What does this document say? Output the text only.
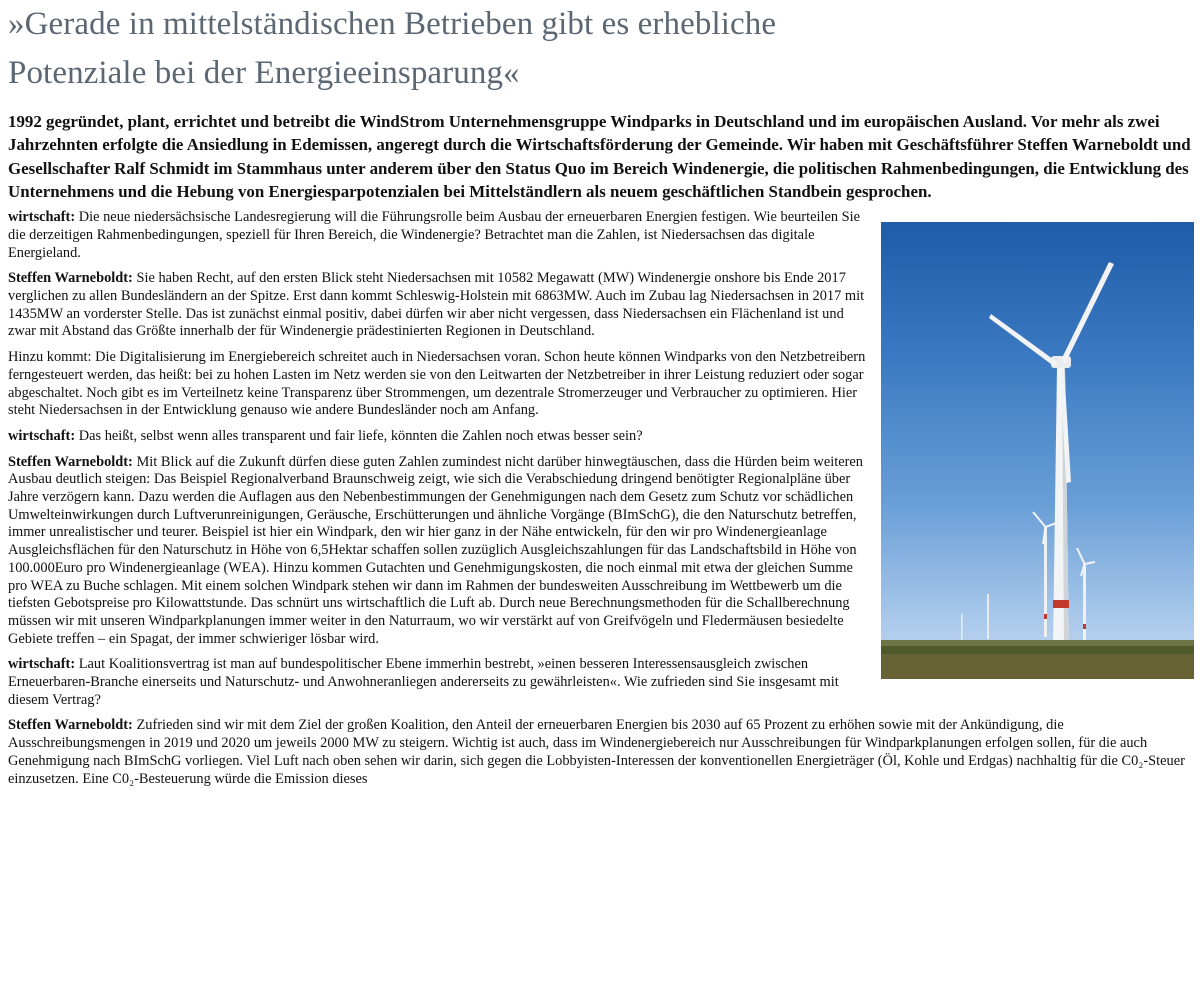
»Gerade in mittelständischen Betrieben gibt es erhebliche
Potenziale bei der Energieeinsparung«
1992 gegründet, plant, errichtet und betreibt die WindStrom Unternehmensgruppe Windparks in Deutschland und im europäischen Ausland. Vor mehr als zwei Jahrzehnten erfolgte die Ansiedlung in Edemissen, angeregt durch die Wirtschaftsförderung der Gemeinde. Wir haben mit Geschäftsführer Steffen Warneboldt und Gesellschafter Ralf Schmidt im Stammhaus unter anderem über den Status Quo im Bereich Windenergie, die politischen Rahmenbedingungen, die Entwicklung des Unternehmens und die Hebung von Energiesparpotenzialen bei Mittelständlern als neuem geschäftlichen Standbein gesprochen.

wirtschaft: Die neue niedersächsische Landesregierung will die Führungsrolle beim Ausbau der erneuerbaren Energien festigen. Wie beurteilen Sie die derzeitigen Rahmenbedingungen, speziell für Ihren Bereich, die Windenergie? Betrachtet man die Zahlen, ist Niedersachsen das digitale Energieland.

Steffen Warneboldt: Sie haben Recht, auf den ersten Blick steht Niedersachsen mit 10582 Megawatt (MW) Windenergie onshore bis Ende 2017 verglichen zu allen Bundesländern an der Spitze. Erst dann kommt Schleswig-Holstein mit 6863MW. Auch im Zubau lag Niedersachsen in 2017 mit 1435MW an vorderster Stelle. Das ist zunächst einmal positiv, dabei dürfen wir aber nicht vergessen, dass Niedersachsen ein Flächenland ist und zwar mit Abstand das Größte innerhalb der für Windenergie prädestinierten Regionen in Deutschland.

Hinzu kommt: Die Digitalisierung im Energiebereich schreitet auch in Niedersachsen voran. Schon heute können Windparks von den Netzbetreibern ferngesteuert werden, das heißt: bei zu hohen Lasten im Netz werden sie von den Leitwarten der Netzbetreiber in ihrer Leistung reduziert oder sogar abgeschaltet. Noch gibt es im Verteilnetz keine Transparenz über Strommengen, um dezentrale Stromerzeuger und Verbraucher zu optimieren. Hier steht Niedersachsen in der Entwicklung genauso wie andere Bundesländer noch am Anfang.

wirtschaft: Das heißt, selbst wenn alles transparent und fair liefe, könnten die Zahlen noch etwas besser sein?

Steffen Warneboldt: Mit Blick auf die Zukunft dürfen diese guten Zahlen zumindest nicht darüber hinwegtäuschen, dass die Hürden beim weiteren Ausbau deutlich steigen: Das Beispiel Regionalverband Braunschweig zeigt, wie sich die Verabschiedung dringend benötigter Regionalpläne über Jahre verzögern kann. Dazu werden die Auflagen aus den Nebenbestimmungen der Genehmigungen nach dem Gesetz zum Schutz vor schädlichen Umwelteinwirkungen durch Luftverunreinigungen, Geräusche, Erschütterungen und ähnliche Vorgänge (BImSchG), die den Naturschutz betreffen, immer unrealistischer und teurer. Beispiel ist hier ein Windpark, den wir hier ganz in der Nähe entwickeln, für den wir pro Windenergieanlage Ausgleichsflächen für den Naturschutz in Höhe von 6,5Hektar schaffen sollen zuzüglich Ausgleichszahlungen für das Landschaftsbild in Höhe von 100.000Euro pro Windenergieanlage (WEA). Hinzu kommen Gutachten und Genehmigungskosten, die noch einmal mit etwa der gleichen Summe pro WEA zu Buche schlagen. Mit einem solchen Windpark stehen wir dann im Rahmen der bundesweiten Ausschreibung im Wettbewerb um die tiefsten Gebotspreise pro Kilowattstunde. Das schnürt uns wirtschaftlich die Luft ab. Durch neue Berechnungsmethoden für die Schallberechnung müssen wir mit unseren Windparkplanungen immer weiter in den Naturraum, wo wir verstärkt auf von Greifvögeln und Fledermäusen besiedelte Gebiete treffen – ein Spagat, der immer schwieriger lösbar wird.

wirtschaft: Laut Koalitionsvertrag ist man auf bundespolitischer Ebene immerhin bestrebt, »einen besseren Interessensausgleich zwischen Erneuerbaren-Branche einerseits und Naturschutz- und Anwohneranliegen andererseits zu gewährleisten«. Wie zufrieden sind Sie insgesamt mit diesem Vertrag?

Steffen Warneboldt: Zufrieden sind wir mit dem Ziel der großen Koalition, den Anteil der erneuerbaren Energien bis 2030 auf 65 Prozent zu erhöhen sowie mit der Ankündigung, die Ausschreibungsmengen in 2019 und 2020 um jeweils 2000 MW zu steigern. Wichtig ist auch, dass im Windenergiebereich nur Ausschreibungen für Windparkplanungen erfolgen sollen, für die auch Genehmigung nach BImSchG vorliegen. Viel Luft nach oben sehen wir darin, sich gegen die Lobbyisten-Interessen der konventionellen Energieträger (Öl, Kohle und Erdgas) nachhaltig für die C0₂-Steuer einzusetzen. Eine C0₂-Besteuerung würde die Emission dieses
